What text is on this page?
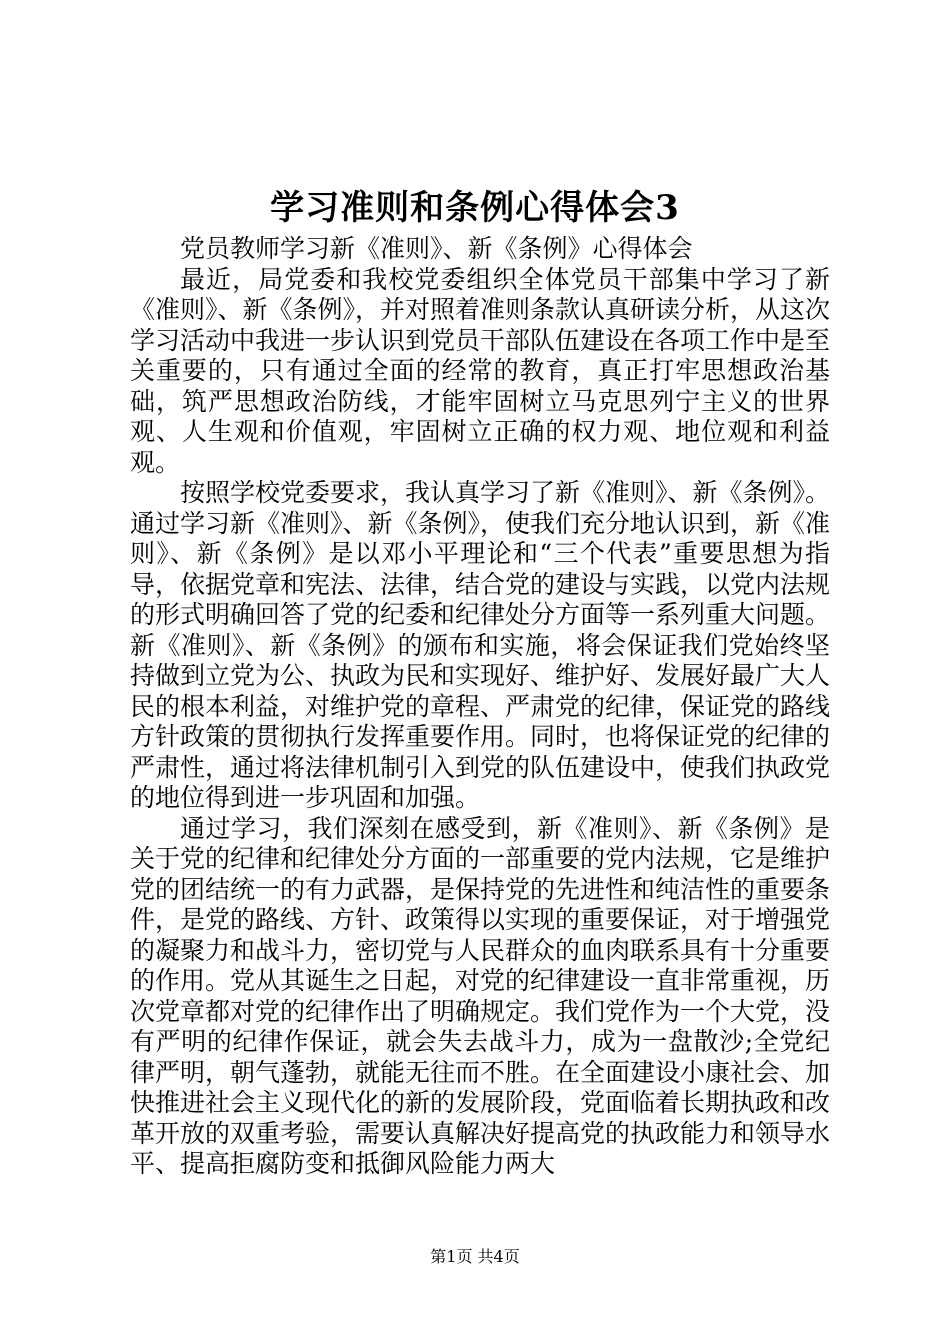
学习准则和条例心得体会3

党员教师学习新《准则》、新《条例》心得体会

最近，局党委和我校党委组织全体党员干部集中学习了新《准则》、新《条例》，并对照着准则条款认真研读分析，从这次学习活动中我进一步认识到党员干部队伍建设在各项工作中是至关重要的，只有通过全面的经常的教育，真正打牢思想政治基础，筑严思想政治防线，才能牢固树立马克思列宁主义的世界观、人生观和价值观，牢固树立正确的权力观、地位观和利益观。

按照学校党委要求，我认真学习了新《准则》、新《条例》。通过学习新《准则》、新《条例》，使我们充分地认识到，新《准则》、新《条例》是以邓小平理论和“三个代表”重要思想为指导，依据党章和宪法、法律，结合党的建设与实践，以党内法规的形式明确回答了党的纪委和纪律处分方面等一系列重大问题。新《准则》、新《条例》的颁布和实施，将会保证我们党始终坚持做到立党为公、执政为民和实现好、维护好、发展好最广大人民的根本利益，对维护党的章程、严肃党的纪律，保证党的路线方针政策的贯彻执行发挥重要作用。同时，也将保证党的纪律的严肃性，通过将法律机制引入到党的队伍建设中，使我们执政党的地位得到进一步巩固和加强。

通过学习，我们深刻在感受到，新《准则》、新《条例》是关于党的纪律和纪律处分方面的一部重要的党内法规，它是维护党的团结统一的有力武器，是保持党的先进性和纯洁性的重要条件，是党的路线、方针、政策得以实现的重要保证，对于增强党的凝聚力和战斗力，密切党与人民群众的血肉联系具有十分重要的作用。党从其诞生之日起，对党的纪律建设一直非常重视，历次党章都对党的纪律作出了明确规定。我们党作为一个大党，没有严明的纪律作保证，就会失去战斗力，成为一盘散沙;全党纪律严明，朝气蓬勃，就能无往而不胜。在全面建设小康社会、加快推进社会主义现代化的新的发展阶段，党面临着长期执政和改革开放的双重考验，需要认真解决好提高党的执政能力和领导水平、提高拒腐防变和抵御风险能力两大

第1页 共4页
